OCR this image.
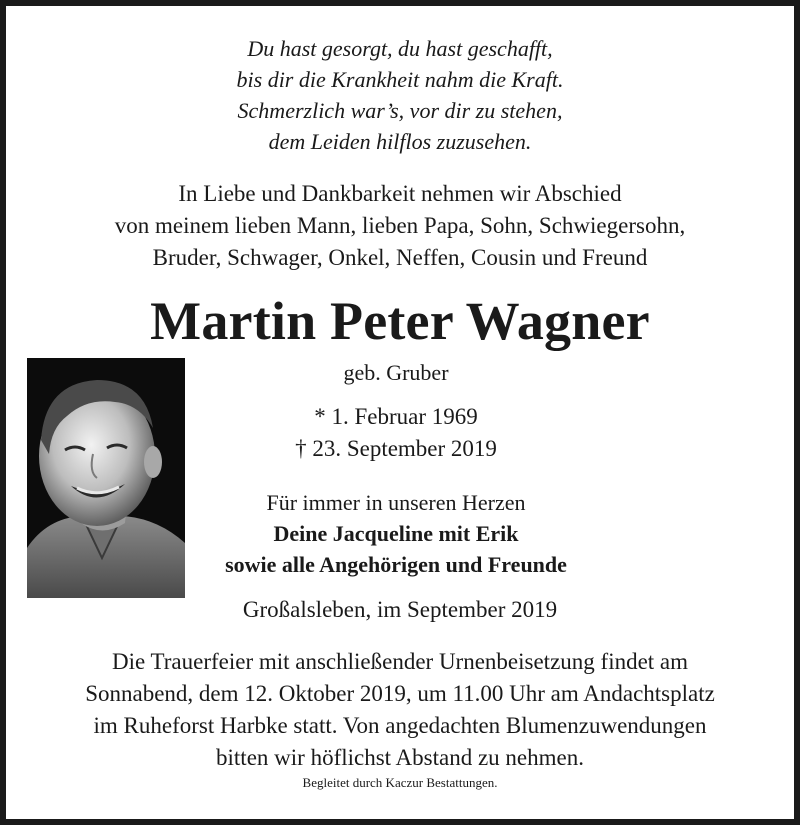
Du hast gesorgt, du hast geschafft,
bis dir die Krankheit nahm die Kraft.
Schmerzlich war’s, vor dir zu stehen,
dem Leiden hilflos zuzusehen.
In Liebe und Dankbarkeit nehmen wir Abschied
von meinem lieben Mann, lieben Papa, Sohn, Schwiegersohn,
Bruder, Schwager, Onkel, Neffen, Cousin und Freund
Martin Peter Wagner
geb. Gruber
* 1. Februar 1969
† 23. September 2019
Für immer in unseren Herzen
Deine Jacqueline mit Erik
sowie alle Angehörigen und Freunde
Großalsleben, im September 2019
Die Trauerfeier mit anschließender Urnenbeisetzung findet am
Sonnabend, dem 12. Oktober 2019, um 11.00 Uhr am Andachtsplatz
im Ruheforst Harbke statt. Von angedachten Blumenzuwendungen
bitten wir höflichst Abstand zu nehmen.
Begleitet durch Kaczur Bestattungen.
